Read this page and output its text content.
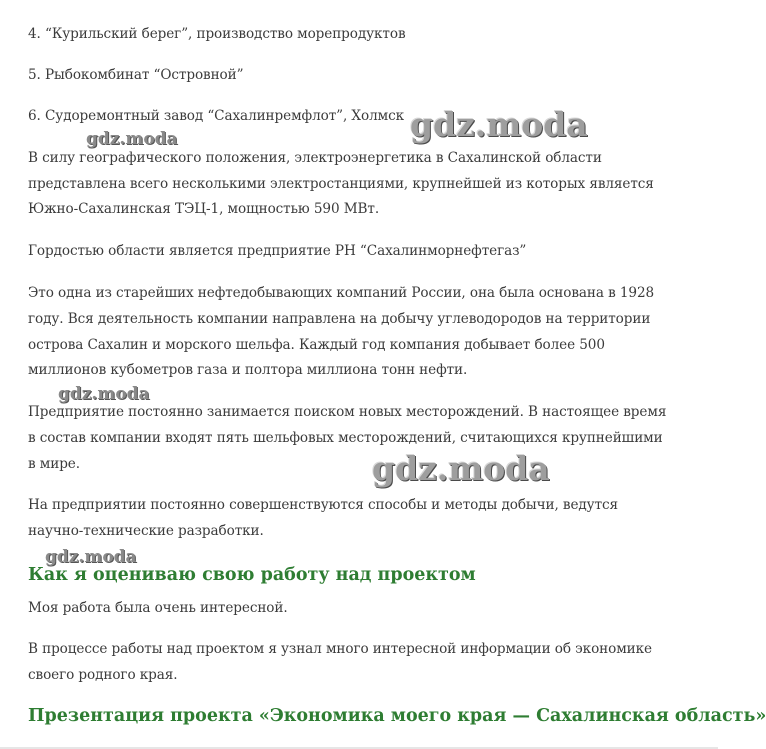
4. “Курильский берег”, производство морепродуктов
5. Рыбокомбинат “Островной”
6. Судоремонтный завод “Сахалинремфлот”, Холмск
В силу географического положения, электроэнергетика в Сахалинской области
представлена всего несколькими электростанциями, крупнейшей из которых является
Южно-Сахалинская ТЭЦ-1, мощностью 590 МВт.
Гордостью области является предприятие РН “Сахалинморнефтегаз”
Это одна из старейших нефтедобывающих компаний России, она была основана в 1928
году. Вся деятельность компании направлена на добычу углеводородов на территории
острова Сахалин и морского шельфа. Каждый год компания добывает более 500
миллионов кубометров газа и полтора миллиона тонн нефти.
Предприятие постоянно занимается поиском новых месторождений. В настоящее время
в состав компании входят пять шельфовых месторождений, считающихся крупнейшими
в мире.
На предприятии постоянно совершенствуются способы и методы добычи, ведутся
научно-технические разработки.
Как я оцениваю свою работу над проектом
Моя работа была очень интересной.
В процессе работы над проектом я узнал много интересной информации об экономике
своего родного края.
Презентация проекта «Экономика моего края — Сахалинская область»
gdz.moda
gdz.moda
gdz.moda
gdz.moda
gdz.moda
